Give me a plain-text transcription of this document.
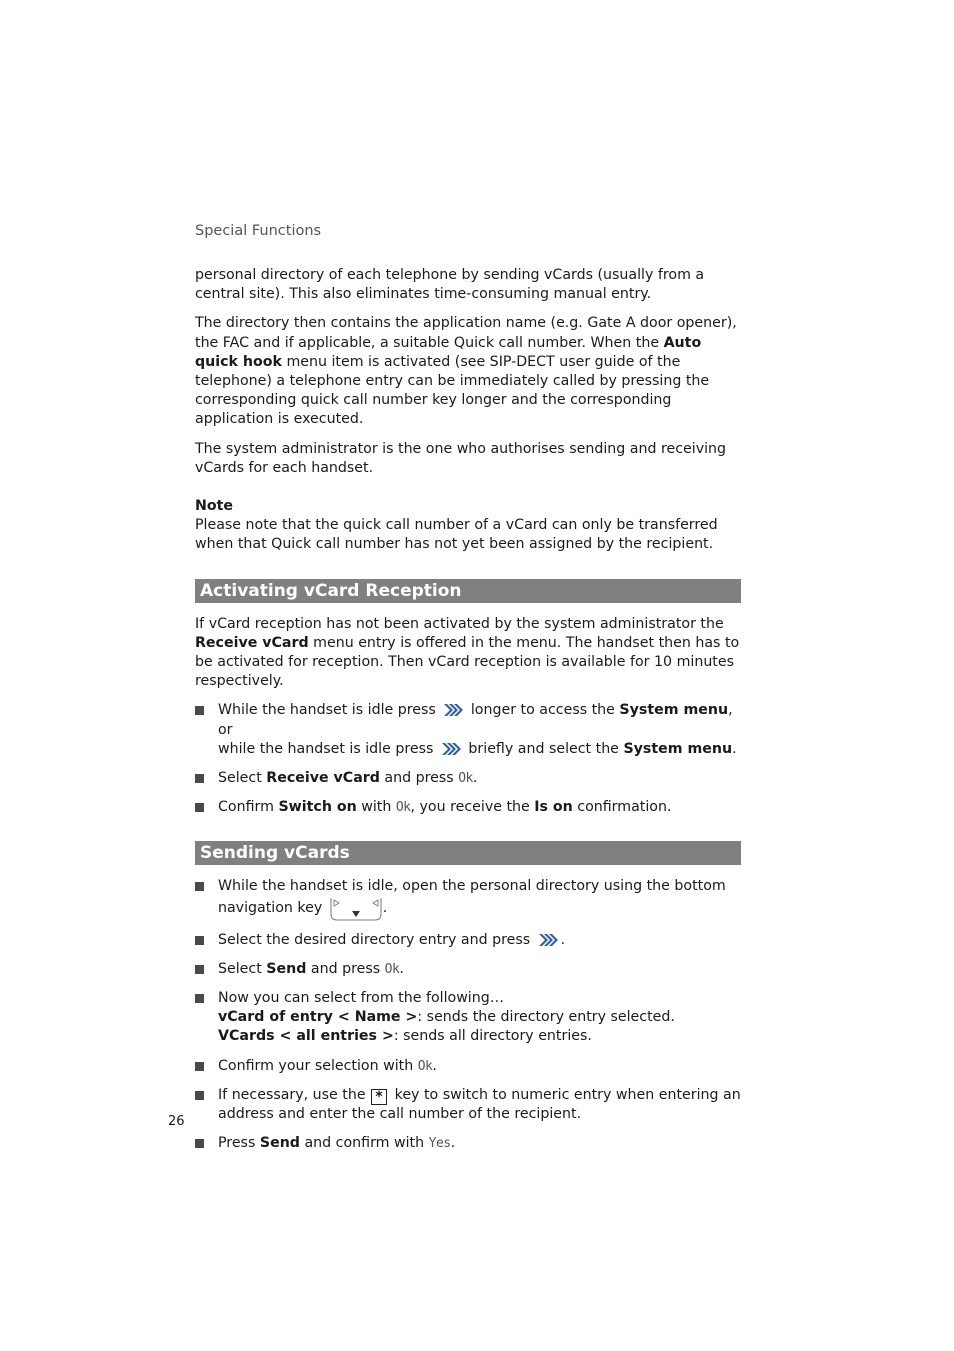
Special Functions

personal directory of each telephone by sending vCards (usually from a central site). This also eliminates time-consuming manual entry.

The directory then contains the application name (e.g. Gate A door opener), the FAC and if applicable, a suitable Quick call number. When the Auto quick hook menu item is activated (see SIP-DECT user guide of the telephone) a telephone entry can be immediately called by pressing the corresponding quick call number key longer and the corresponding application is executed.

The system administrator is the one who authorises sending and receiving vCards for each handset.

Note

Please note that the quick call number of a vCard can only be transferred when that Quick call number has not yet been assigned by the recipient.

Activating vCard Reception

If vCard reception has not been activated by the system administrator the Receive vCard menu entry is offered in the menu. The handset then has to be activated for reception. Then vCard reception is available for 10 minutes respectively.

While the handset is idle press  longer to access the System menu,
or
while the handset is idle press  briefly and select the System menu.
Select Receive vCard and press Ok.
Confirm Switch on with Ok, you receive the Is on confirmation.
Sending vCards
While the handset is idle, open the personal directory using the bottom navigation key	.
Select the desired directory entry and press .
Select Send and press Ok.
Now you can select from the following…
vCard of entry < Name >: sends the directory entry selected.
VCards < all entries >: sends all directory entries.
Confirm your selection with Ok.
If necessary, use the * key to switch to numeric entry when entering an address and enter the call number of the recipient.
Press Send and confirm with Yes.
26
